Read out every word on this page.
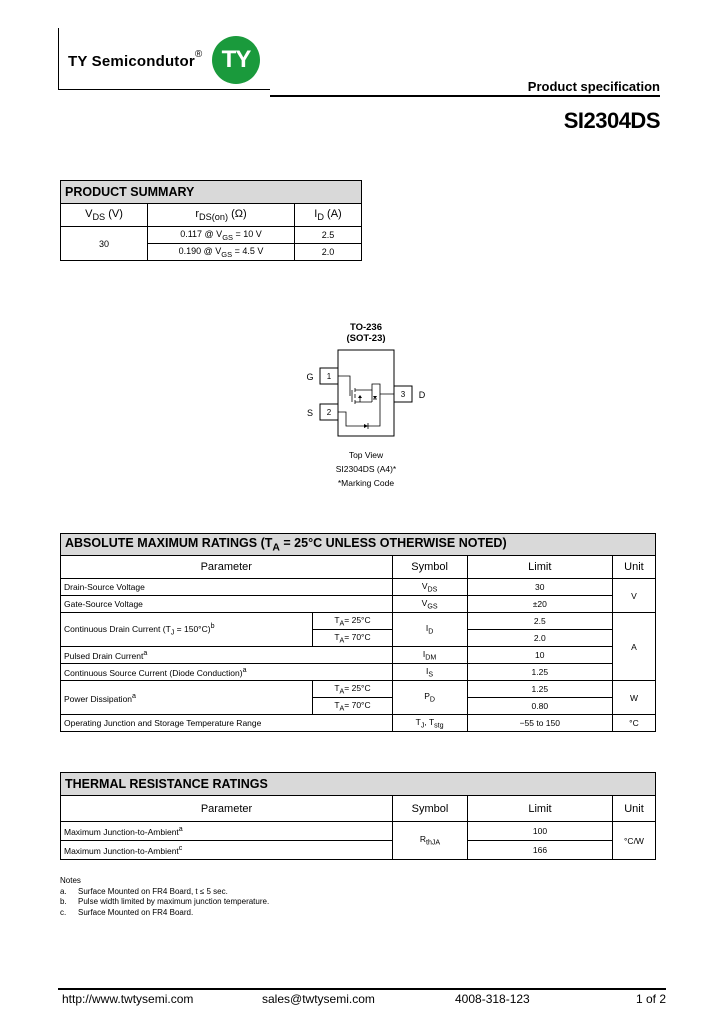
TY Semicondutor® TY
Product specification
SI2304DS
PRODUCT SUMMARY		
$V_{DS}$ (V)	$r_{DS(on)}$ (Ω)	$I_D$ (A)
30	0.117 @ $V_{GS} = 10$ V	2.5
	0.190 @ $V_{GS} = 4.5$ V	2.0
TO-236
(SOT-23)
1
2
3
G
S
D
Top View
SI2304DS (A4)*
*Marking Code
ABSOLUTE MAXIMUM RATINGS ($T_A = 25^\circ C$ UNLESS OTHERWISE NOTED)				
Parameter		Symbol	Limit	Unit
Drain-Source Voltage		$V_{DS}$	30	V
Gate-Source Voltage		$V_{GS}$	±20	
Continuous Drain Current $(T_J = 150^\circ C)^b$	$T_A= 25^\circ C$	$I_D$	2.5	A
	$T_A= 70^\circ C$		2.0	
Pulsed Drain Current$^a$		$I_{DM}$	10	
Continuous Source Current (Diode Conduction)$^a$		$I_S$	1.25	
Power Dissipation$^a$	$T_A= 25^\circ C$	$P_D$	1.25	W
	$T_A= 70^\circ C$		0.80	
Operating Junction and Storage Temperature Range		$T_J$, $T_{stg}$	−55 to 150	°C
THERMAL RESISTANCE RATINGS			
Parameter	Symbol	Limit	Unit
Maximum Junction-to-Ambient$^a$	$R_{thJA}$	100	°C/W
Maximum Junction-to-Ambient$^c$		166	
Notes
a.	Surface Mounted on FR4 Board, t ≤ 5 sec.
b.	Pulse width limited by maximum junction temperature.
c.	Surface Mounted on FR4 Board.
http://www.twtysemi.com	sales@twtysemi.com	4008-318-123	1 of 2
